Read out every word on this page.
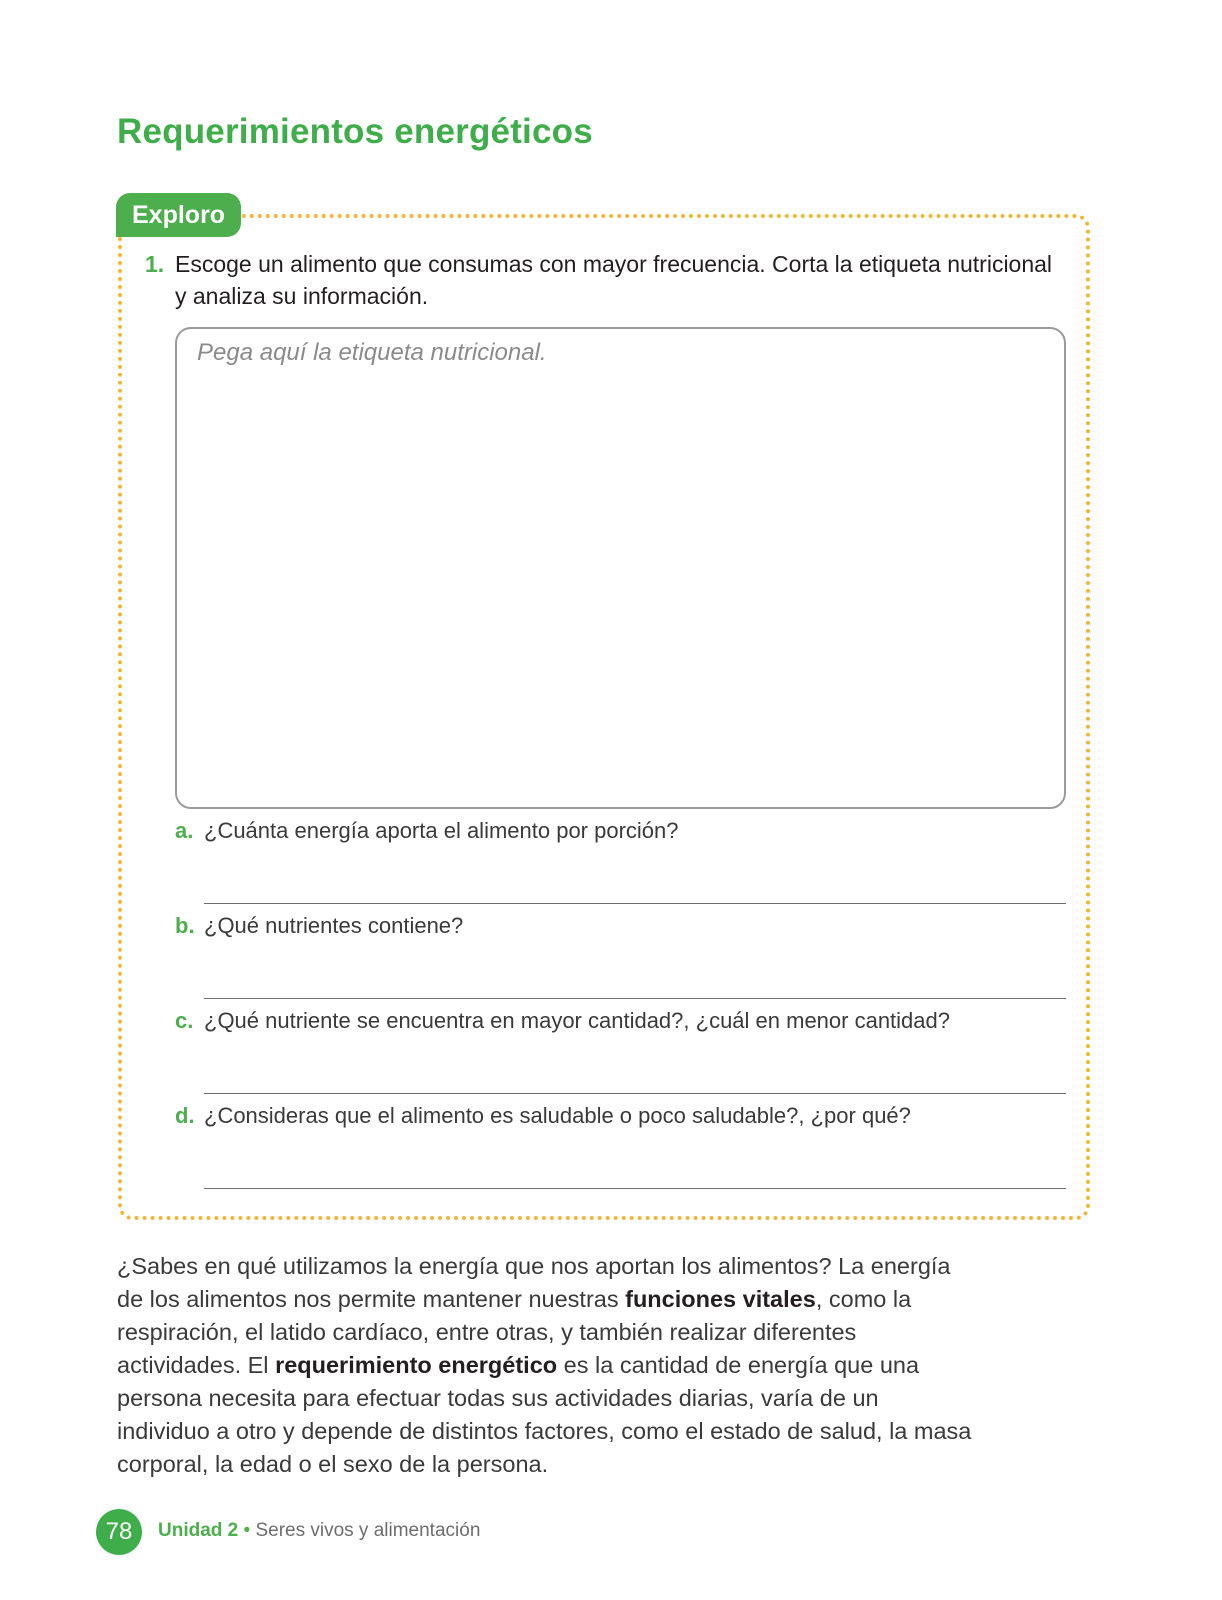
Requerimientos energéticos
Exploro
1. Escoge un alimento que consumas con mayor frecuencia. Corta la etiqueta nutricional y analiza su información.
Pega aquí la etiqueta nutricional.
a. ¿Cuánta energía aporta el alimento por porción?
b. ¿Qué nutrientes contiene?
c. ¿Qué nutriente se encuentra en mayor cantidad?, ¿cuál en menor cantidad?
d. ¿Consideras que el alimento es saludable o poco saludable?, ¿por qué?

¿Sabes en qué utilizamos la energía que nos aportan los alimentos? La energía de los alimentos nos permite mantener nuestras funciones vitales, como la respiración, el latido cardíaco, entre otras, y también realizar diferentes actividades. El requerimiento energético es la cantidad de energía que una persona necesita para efectuar todas sus actividades diarias, varía de un individuo a otro y depende de distintos factores, como el estado de salud, la masa corporal, la edad o el sexo de la persona.

78	Unidad 2 • Seres vivos y alimentación
